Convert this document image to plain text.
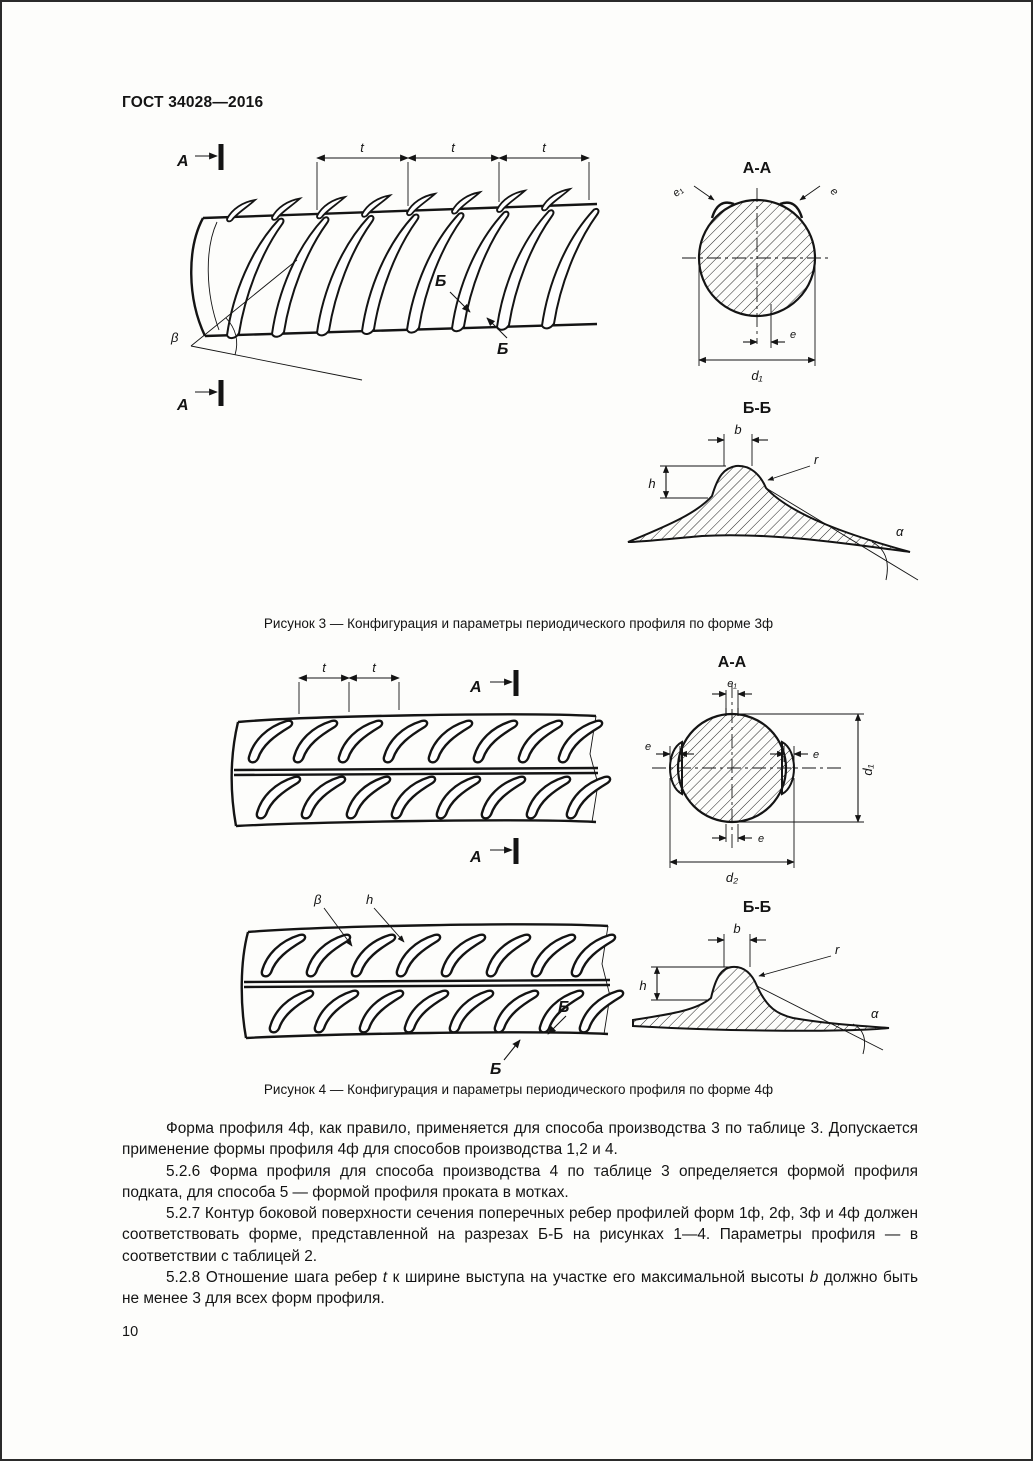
ГОСТ 34028—2016
t	t	t
А
А
Б
Б
β
А-А
e₁	e
e
d₁
Б-Б
b
h
r
α
Рисунок 3 — Конфигурация и параметры периодического профиля по форме 3ф
А-А
t	t
А
А
e₁
e
e
d₁
e
d₂
β	h
Б
Б
Б-Б
b
h
r
α
Рисунок 4 — Конфигурация и параметры периодического профиля по форме 4ф

Форма профиля 4ф, как правило, применяется для способа производства 3 по таблице 3. Допускается применение формы профиля 4ф для способов производства 1,2 и 4.

5.2.6 Форма профиля для способа производства 4 по таблице 3 определяется формой профиля подката, для способа 5 — формой профиля проката в мотках.

5.2.7 Контур боковой поверхности сечения поперечных ребер профилей форм 1ф, 2ф, 3ф и 4ф должен соответствовать форме, представленной на разрезах Б-Б на рисунках 1—4. Параметры профиля — в соответствии с таблицей 2.

5.2.8 Отношение шага ребер t к ширине выступа на участке его максимальной высоты b должно быть не менее 3 для всех форм профиля.

10
